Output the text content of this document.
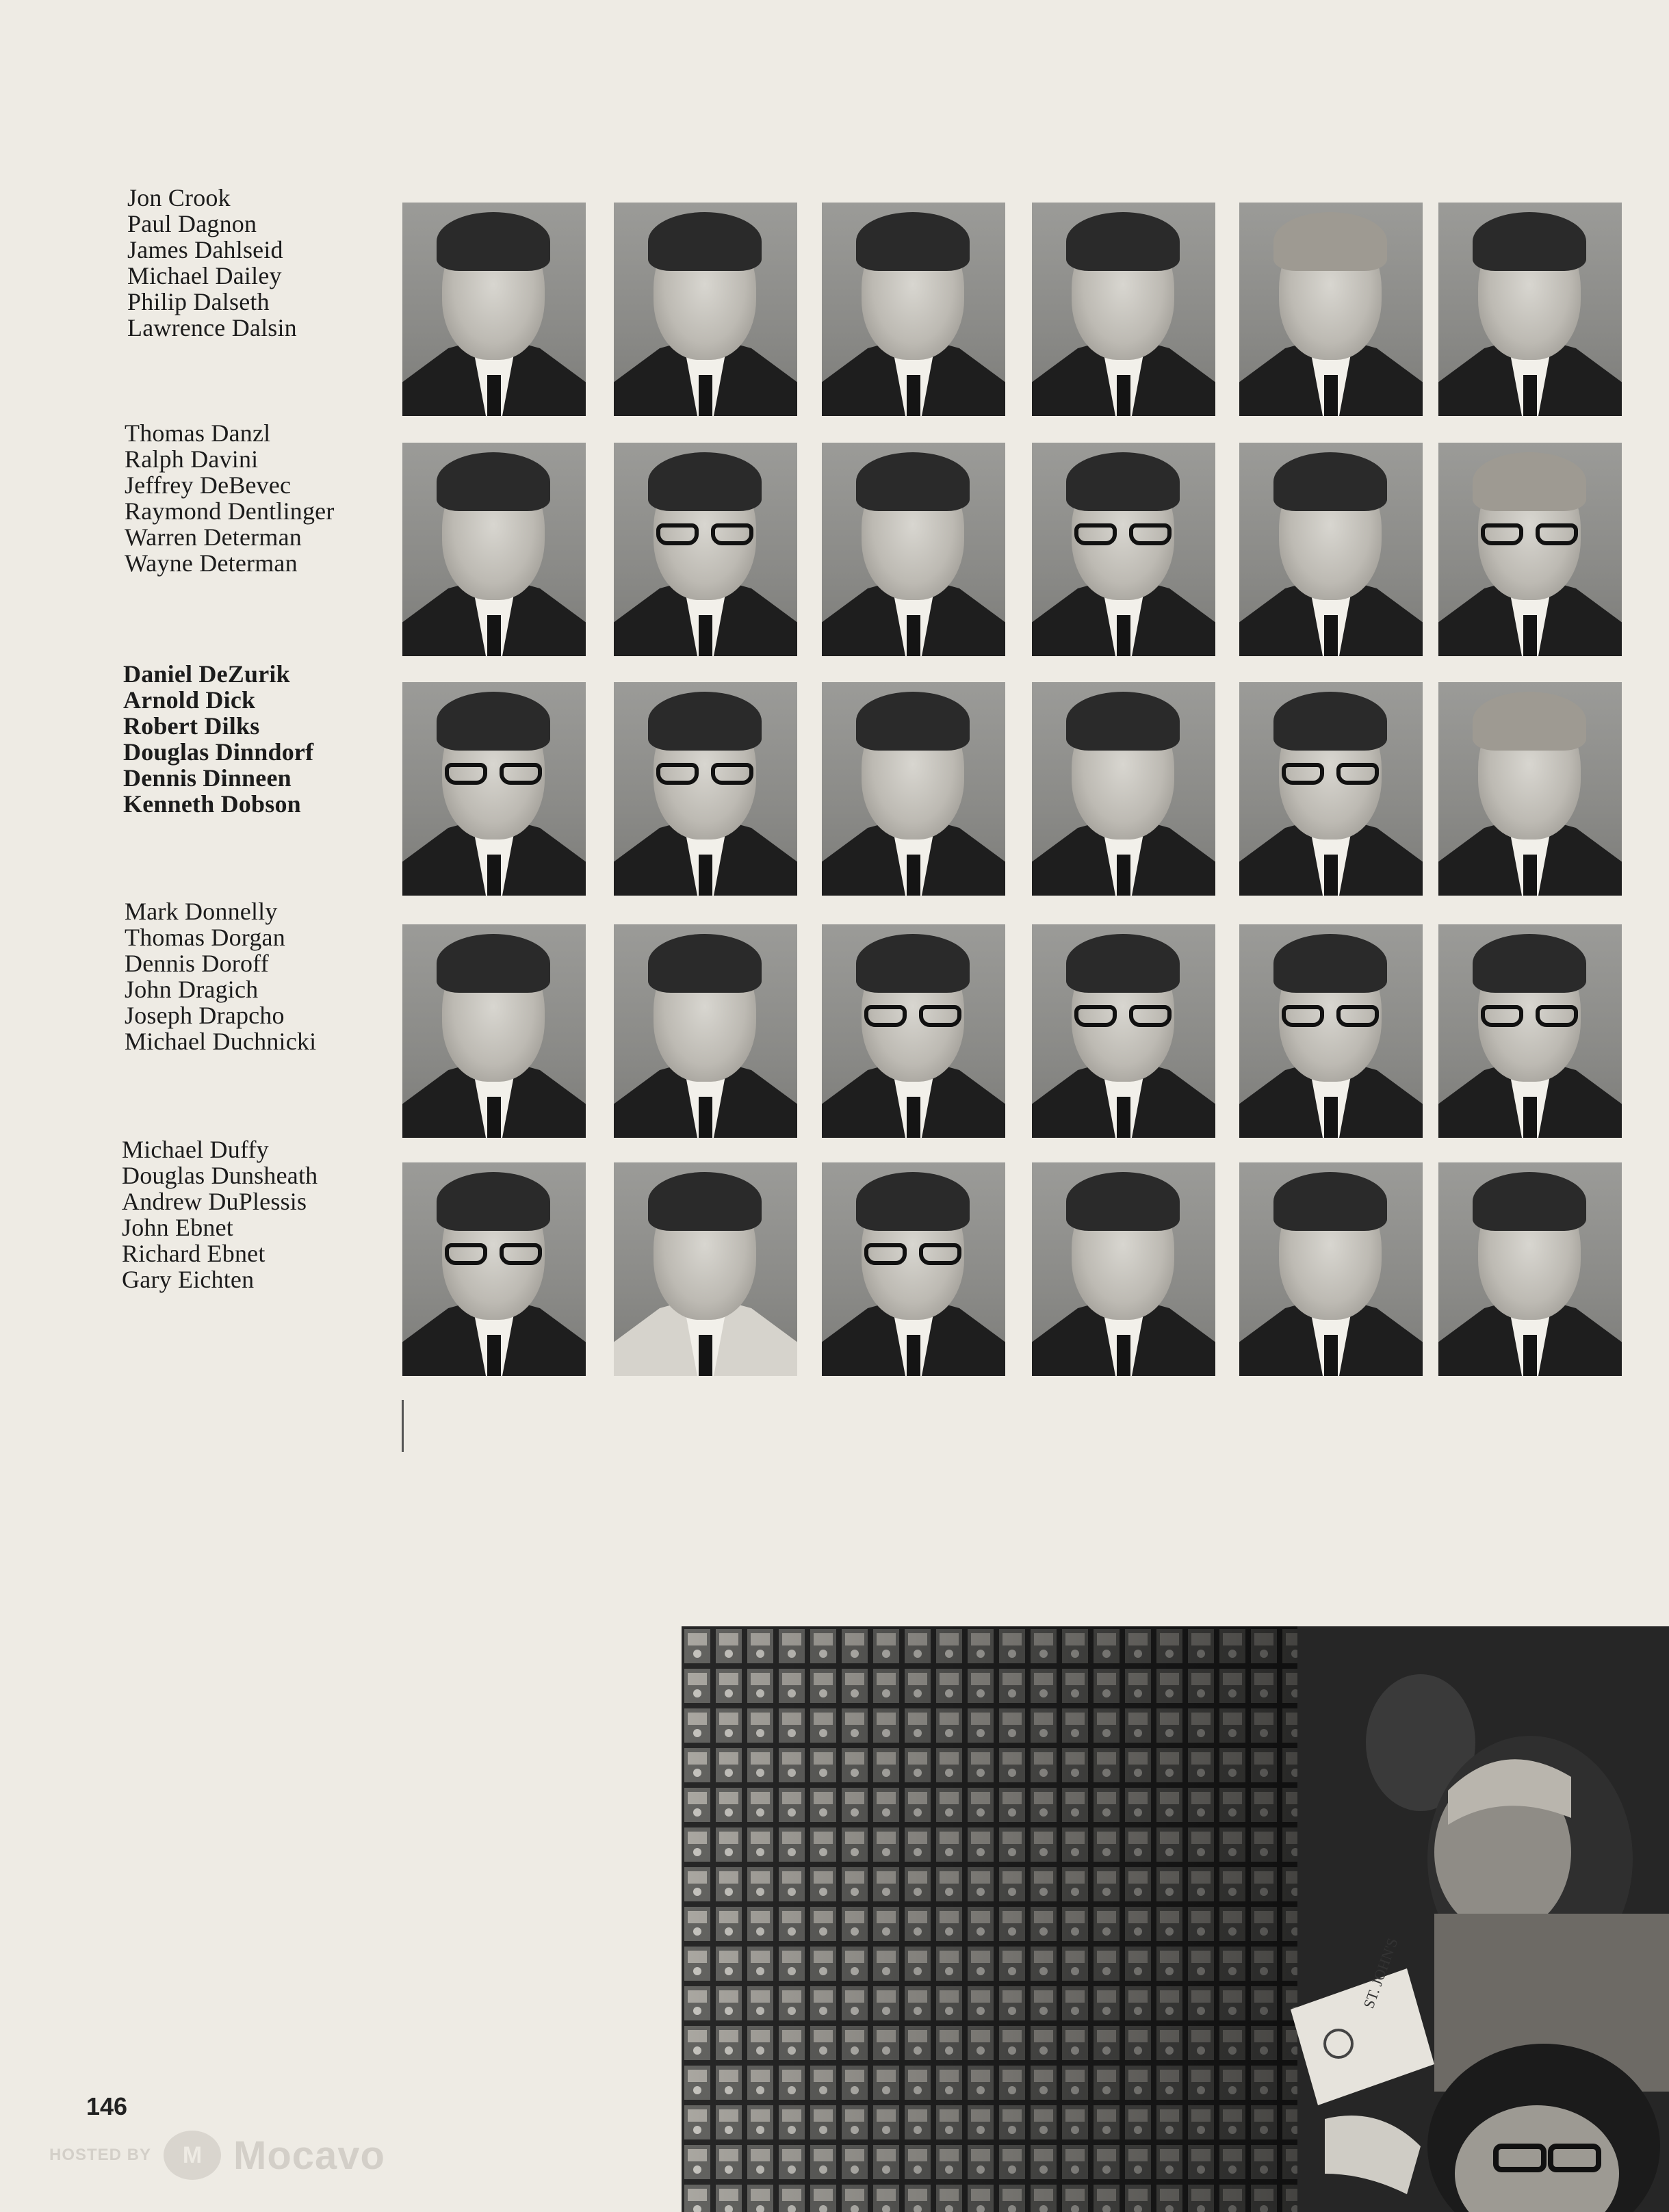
Jon Crook
Paul Dagnon
James Dahlseid
Michael Dailey
Philip Dalseth
Lawrence Dalsin
Thomas Danzl
Ralph Davini
Jeffrey DeBevec
Raymond Dentlinger
Warren Determan
Wayne Determan
Daniel DeZurik
Arnold Dick
Robert Dilks
Douglas Dinndorf
Dennis Dinneen
Kenneth Dobson
Mark Donnelly
Thomas Dorgan
Dennis Doroff
John Dragich
Joseph Drapcho
Michael Duchnicki
Michael Duffy
Douglas Dunsheath
Andrew DuPlessis
John Ebnet
Richard Ebnet
Gary Eichten
ST. JOHN'S
146
HOSTED BY	M Mocavo
